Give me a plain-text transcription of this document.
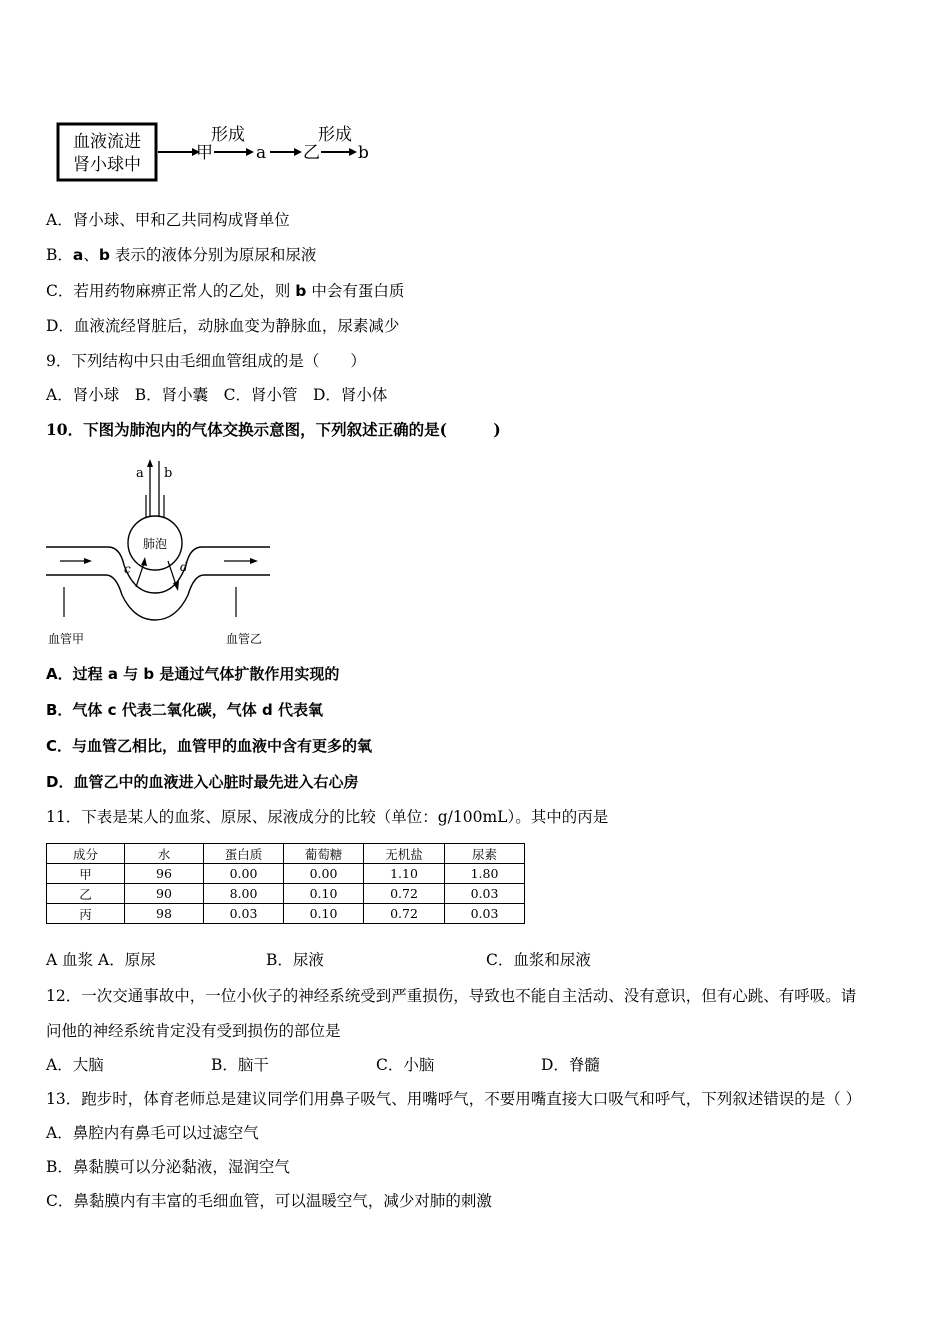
血液流进
肾小球中
甲
形成
a 乙
形成
b
A．肾小球、甲和乙共同构成肾单位
B．a、b 表示的液体分别为原尿和尿液
C．若用药物麻痹正常人的乙处，则 b 中会有蛋白质
D．血液流经肾脏后，动脉血变为静脉血，尿素减少
9．下列结构中只由毛细血管组成的是（　　）
A．肾小球　B．肾小囊　C．肾小管　D．肾小体
10．下图为肺泡内的气体交换示意图，下列叙述正确的是(　　　)
a b
肺泡
c	d
血管甲	血管乙
A．过程 a 与 b 是通过气体扩散作用实现的
B．气体 c 代表二氧化碳，气体 d 代表氧
C．与血管乙相比，血管甲的血液中含有更多的氧
D．血管乙中的血液进入心脏时最先进入右心房
11．下表是某人的血浆、原尿、尿液成分的比较（单位：g/100mL）。其中的丙是
成分	水	蛋白质	葡萄糖	无机盐	尿素
甲	96	0.00	0.00	1.10	1.80
乙	90	8.00	0.10	0.72	0.03
丙	98	0.03	0.10	0.72	0.03
A 血浆 A．原尿	B．尿液	C．血浆和尿液
12．一次交通事故中，一位小伙子的神经系统受到严重损伤，导致也不能自主活动、没有意识，但有心跳、有呼吸。请
问他的神经系统肯定没有受到损伤的部位是
A．大脑	B．脑干	C．小脑	D．脊髓
13．跑步时，体育老师总是建议同学们用鼻子吸气、用嘴呼气，不要用嘴直接大口吸气和呼气，下列叙述错误的是（ ）
A．鼻腔内有鼻毛可以过滤空气
B．鼻黏膜可以分泌黏液，湿润空气
C．鼻黏膜内有丰富的毛细血管，可以温暖空气，减少对肺的刺激
